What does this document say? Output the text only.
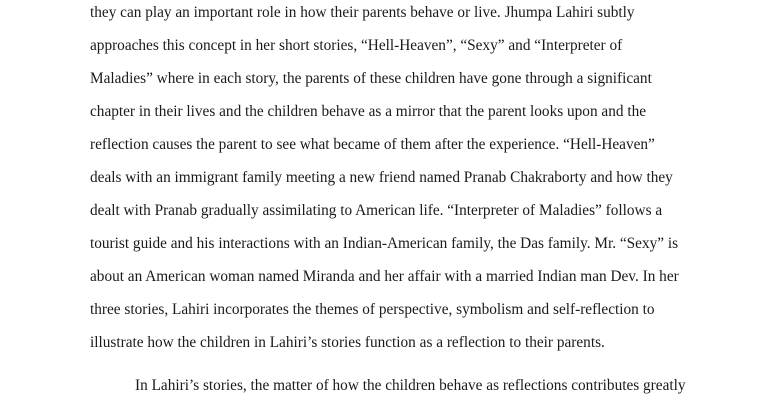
they can play an important role in how their parents behave or live. Jhumpa Lahiri subtly
approaches this concept in her short stories, “Hell-Heaven”, “Sexy” and “Interpreter of
Maladies” where in each story, the parents of these children have gone through a significant
chapter in their lives and the children behave as a mirror that the parent looks upon and the
reflection causes the parent to see what became of them after the experience. “Hell-Heaven”
deals with an immigrant family meeting a new friend named Pranab Chakraborty and how they
dealt with Pranab gradually assimilating to American life. “Interpreter of Maladies” follows a
tourist guide and his interactions with an Indian-American family, the Das family. Mr. “Sexy” is
about an American woman named Miranda and her affair with a married Indian man Dev. In her
three stories, Lahiri incorporates the themes of perspective, symbolism and self-reflection to
illustrate how the children in Lahiri’s stories function as a reflection to their parents.
In Lahiri’s stories, the matter of how the children behave as reflections contributes greatly
